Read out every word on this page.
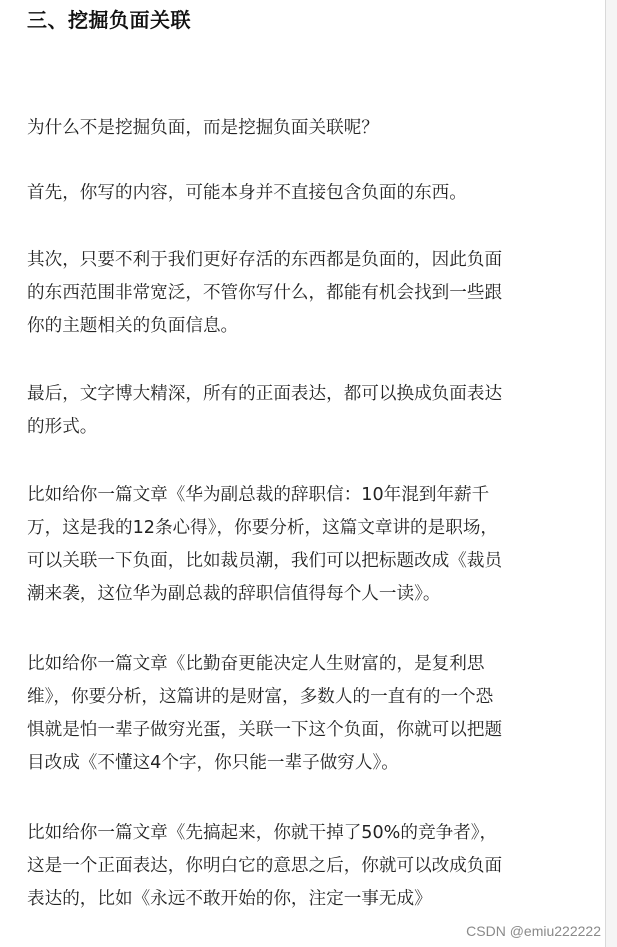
三、挖掘负面关联

为什么不是挖掘负面，而是挖掘负面关联呢？

首先，你写的内容，可能本身并不直接包含负面的东西。

其次，只要不利于我们更好存活的东西都是负面的，因此负面
的东西范围非常宽泛，不管你写什么，都能有机会找到一些跟
你的主题相关的负面信息。

最后，文字博大精深，所有的正面表达，都可以换成负面表达
的形式。

比如给你一篇文章《华为副总裁的辞职信：10年混到年薪千
万，这是我的12条心得》，你要分析，这篇文章讲的是职场，
可以关联一下负面，比如裁员潮，我们可以把标题改成《裁员
潮来袭，这位华为副总裁的辞职信值得每个人一读》。

比如给你一篇文章《比勤奋更能决定人生财富的，是复利思
维》，你要分析，这篇讲的是财富，多数人的一直有的一个恐
惧就是怕一辈子做穷光蛋，关联一下这个负面，你就可以把题
目改成《不懂这4个字，你只能一辈子做穷人》。

比如给你一篇文章《先搞起来，你就干掉了50%的竞争者》，
这是一个正面表达，你明白它的意思之后，你就可以改成负面
表达的，比如《永远不敢开始的你，注定一事无成》

CSDN @emiu222222
